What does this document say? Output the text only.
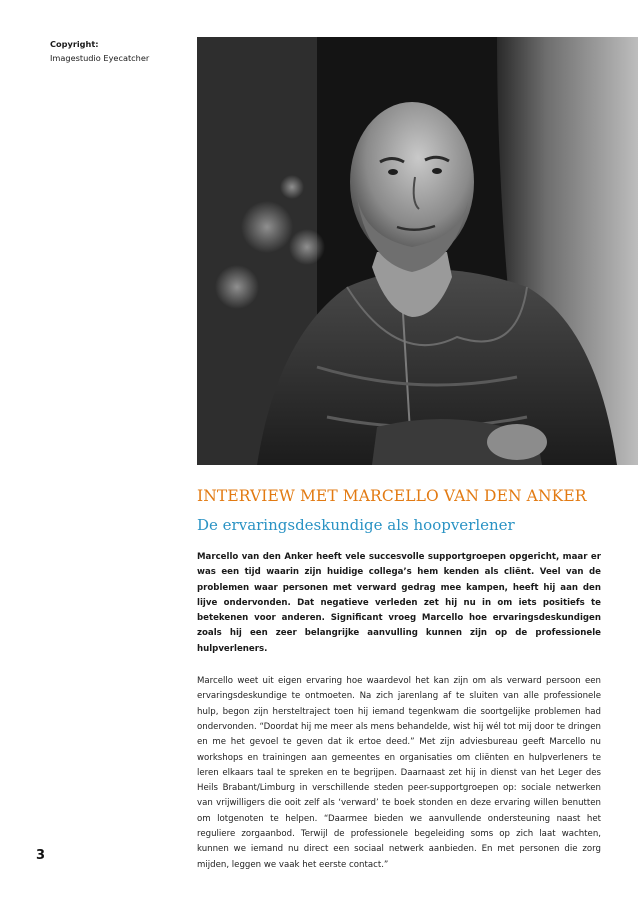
Copyright:
Imagestudio Eyecatcher
INTERVIEW MET MARCELLO VAN DEN ANKER
De ervaringsdeskundige als hoopverlener

Marcello van den Anker heeft vele succesvolle supportgroepen opgericht, maar er was een tijd waarin zijn huidige collega’s hem kenden als cliënt. Veel van de problemen waar personen met verward gedrag mee kampen, heeft hij aan den lijve ondervonden. Dat negatieve verleden zet hij nu in om iets positiefs te betekenen voor anderen. Significant vroeg Marcello hoe ervaringsdeskundigen zoals hij een zeer belangrijke aanvulling kunnen zijn op de professionele hulpverleners.

Marcello weet uit eigen ervaring hoe waardevol het kan zijn om als verward persoon een ervaringsdeskundige te ontmoeten. Na zich jarenlang af te sluiten van alle professionele hulp, begon zijn hersteltraject toen hij iemand tegenkwam die soortgelijke problemen had ondervonden. “Doordat hij me meer als mens behandelde, wist hij wél tot mij door te dringen en me het gevoel te geven dat ik ertoe deed.” Met zijn adviesbureau geeft Marcello nu workshops en trainingen aan gemeentes en organisaties om cliënten en hulpverleners te leren elkaars taal te spreken en te begrijpen. Daarnaast zet hij in dienst van het Leger des Heils Brabant/Limburg in verschillende steden peer-supportgroepen op: sociale netwerken van vrijwilligers die ooit zelf als ‘verward’ te boek stonden en deze ervaring willen benutten om lotgenoten te helpen. “Daarmee bieden we aanvullende ondersteuning naast het reguliere zorgaanbod. Terwijl de professionele begeleiding soms op zich laat wachten, kunnen we iemand nu direct een sociaal netwerk aanbieden. En met personen die zorg mijden, leggen we vaak het eerste contact.”

3
